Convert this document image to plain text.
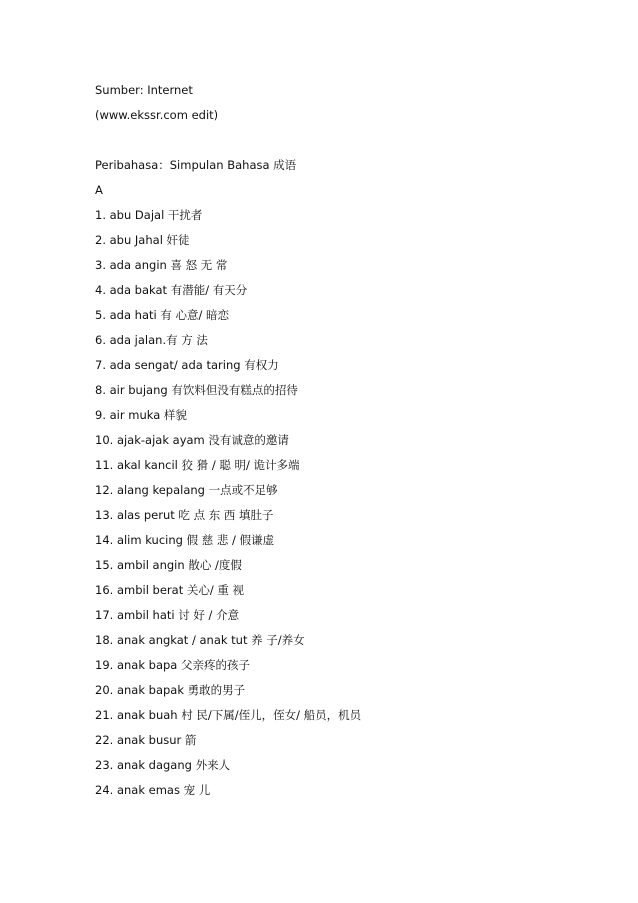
Sumber: Internet
(www.ekssr.com edit)
Peribahasa：Simpulan Bahasa 成语
A
1. abu Dajal 干扰者
2. abu Jahal 奸徒
3. ada angin 喜 怒 无 常
4. ada bakat 有潜能/ 有天分
5. ada hati 有 心意/ 暗恋
6. ada jalan.有 方 法
7. ada sengat/ ada taring 有权力
8. air bujang 有饮料但没有糕点的招待
9. air muka 样貌
10. ajak-ajak ayam 没有诚意的邀请
11. akal kancil 狡 猾 / 聪 明/ 诡计多端
12. alang kepalang 一点或不足够
13. alas perut 吃 点 东 西 填肚子
14. alim kucing 假 慈 悲 / 假谦虚
15. ambil angin 散心 /度假
16. ambil berat 关心/ 重 视
17. ambil hati 讨 好 / 介意
18. anak angkat / anak tut 养 子/养女
19. anak bapa 父亲疼的孩子
20. anak bapak 勇敢的男子
21. anak buah 村 民/下属/侄儿，侄女/ 船员，机员
22. anak busur 箭
23. anak dagang 外来人
24. anak emas 宠 儿
